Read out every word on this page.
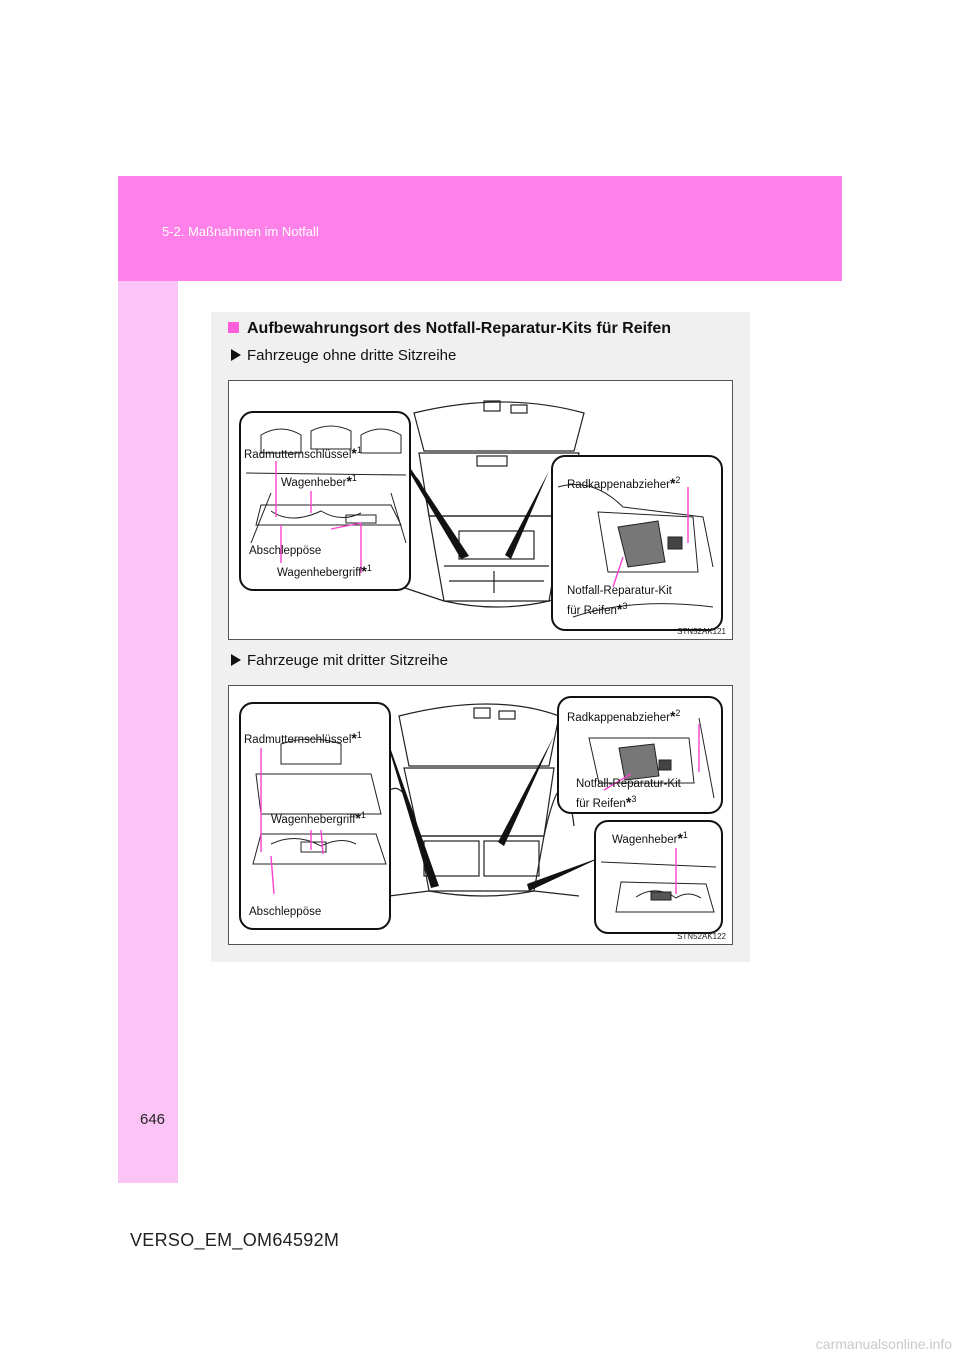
5-2. Maßnahmen im Notfall
Aufbewahrungsort des Notfall-Reparatur-Kits für Reifen
Fahrzeuge ohne dritte Sitzreihe
Radmutternschlüssel*$^1$
Wagenheber*$^1$
Abschleppöse
Wagenhebergriff*$^1$
Radkappenabzieher*$^2$
Notfall-Reparatur-Kit
für Reifen*$^3$
STN52AK121
Fahrzeuge mit dritter Sitzreihe
Radmutternschlüssel*$^1$
Wagenhebergriff*$^1$
Abschleppöse
Radkappenabzieher*$^2$
Notfall-Reparatur-Kit
für Reifen*$^3$
Wagenheber*$^1$
STN52AK122
646
VERSO_EM_OM64592M
carmanualsonline.info
